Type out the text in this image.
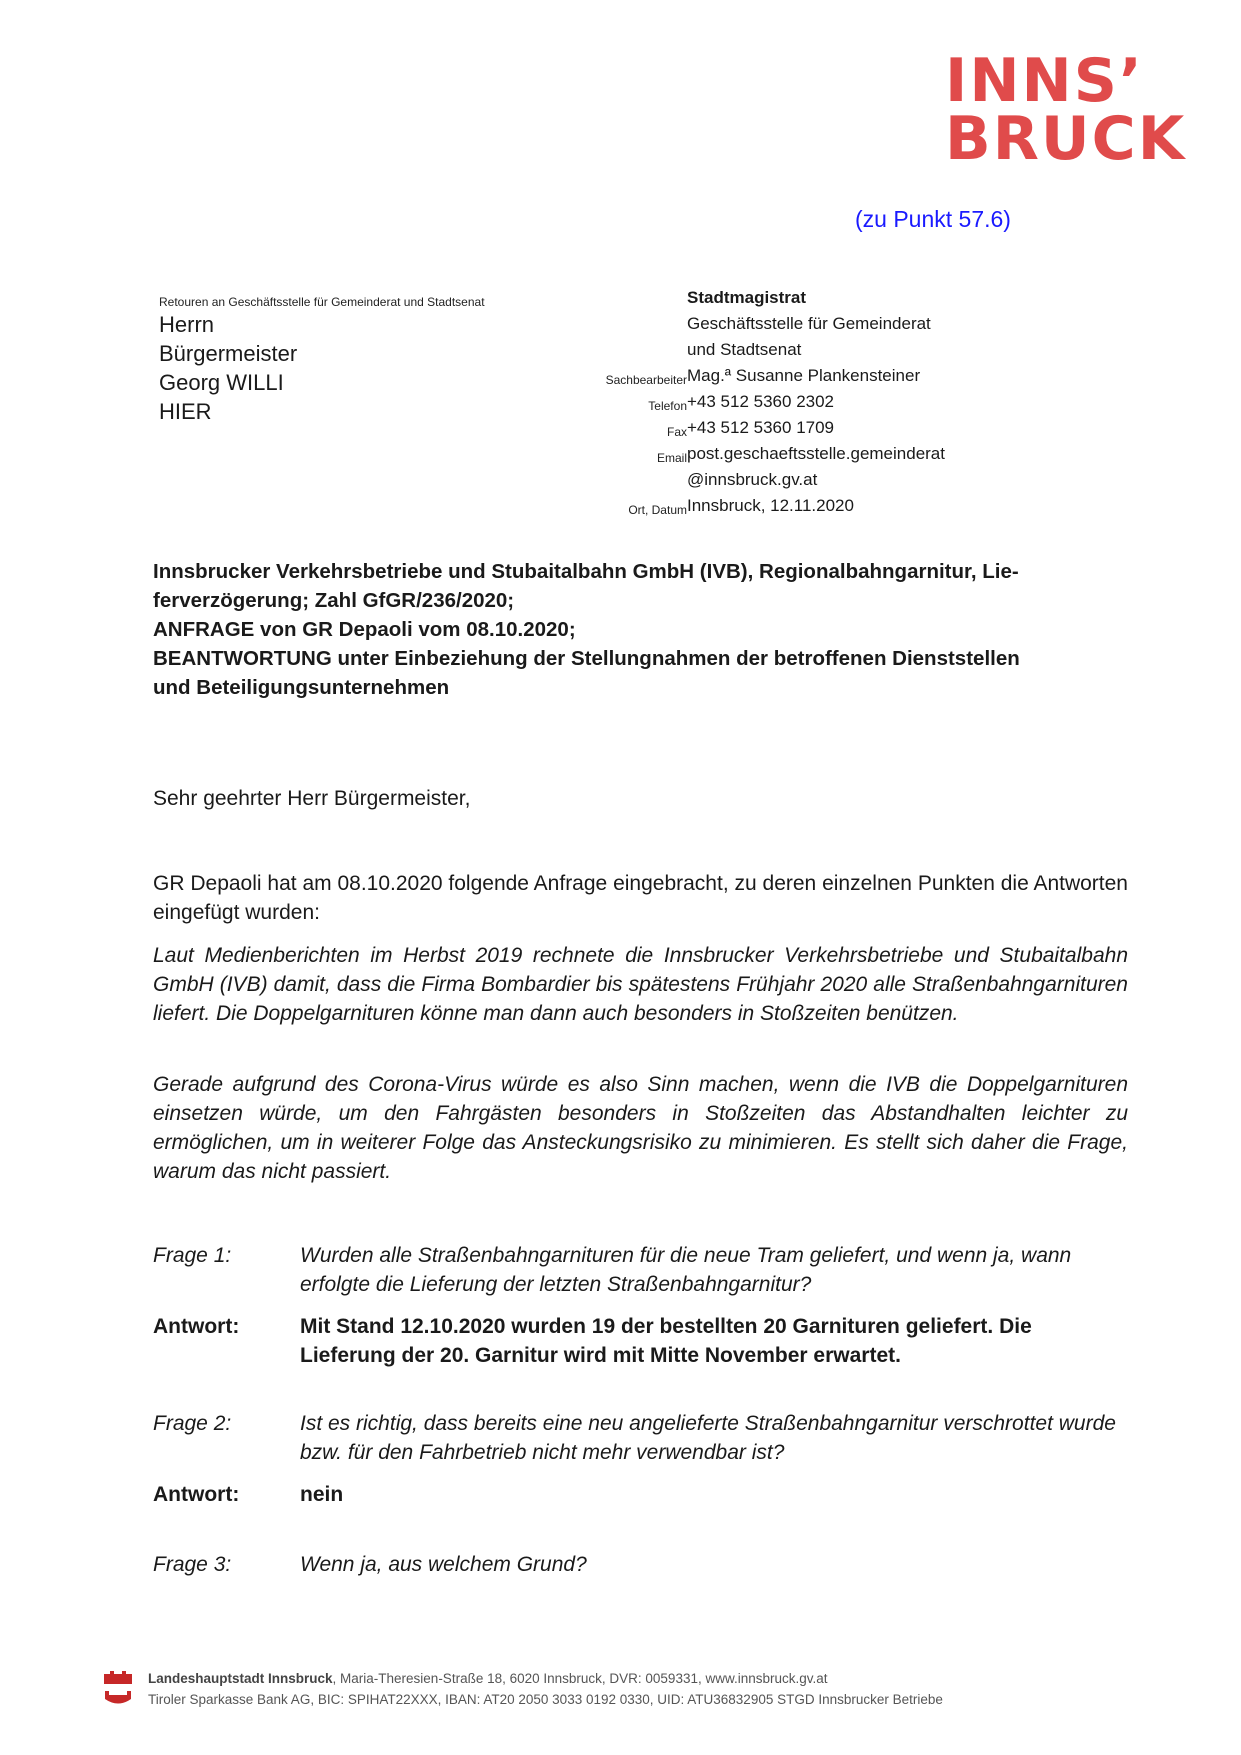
INNS’
BRUCK
(zu Punkt 57.6)
Retouren an Geschäftsstelle für Gemeinderat und Stadtsenat
Herrn
Bürgermeister
Georg WILLI
HIER
Stadtmagistrat
Geschäftsstelle für Gemeinderat
und Stadtsenat
Sachbearbeiter Mag.ª Susanne Plankensteiner
Telefon +43 512 5360 2302
Fax +43 512 5360 1709
Email post.geschaeftsstelle.gemeinderat
@innsbruck.gv.at
Ort, Datum Innsbruck, 12.11.2020
Innsbrucker Verkehrsbetriebe und Stubaitalbahn GmbH (IVB), Regionalbahngarnitur, Lie-
ferverzögerung; Zahl GfGR/236/2020;
ANFRAGE von GR Depaoli vom 08.10.2020;
BEANTWORTUNG unter Einbeziehung der Stellungnahmen der betroffenen Dienststellen
und Beteiligungsunternehmen
Sehr geehrter Herr Bürgermeister,
GR Depaoli hat am 08.10.2020 folgende Anfrage eingebracht, zu deren einzelnen Punkten die Antworten eingefügt wurden:
Laut Medienberichten im Herbst 2019 rechnete die Innsbrucker Verkehrsbetriebe und Stubaitalbahn GmbH (IVB) damit, dass die Firma Bombardier bis spätestens Frühjahr 2020 alle Straßenbahngarnituren liefert. Die Doppelgarnituren könne man dann auch besonders in Stoßzeiten benützen.
Gerade aufgrund des Corona-Virus würde es also Sinn machen, wenn die IVB die Doppelgarnituren einsetzen würde, um den Fahrgästen besonders in Stoßzeiten das Abstandhalten leichter zu ermöglichen, um in weiterer Folge das Ansteckungsrisiko zu minimieren. Es stellt sich daher die Frage, warum das nicht passiert.
Frage 1:	Wurden alle Straßenbahngarnituren für die neue Tram geliefert, und wenn ja, wann erfolgte die Lieferung der letzten Straßenbahngarnitur?
Antwort:	Mit Stand 12.10.2020 wurden 19 der bestellten 20 Garnituren geliefert. Die Lieferung der 20. Garnitur wird mit Mitte November erwartet.
Frage 2:	Ist es richtig, dass bereits eine neu angelieferte Straßenbahngarnitur verschrottet wurde bzw. für den Fahrbetrieb nicht mehr verwendbar ist?
Antwort:	nein
Frage 3:	Wenn ja, aus welchem Grund?
Landeshauptstadt Innsbruck, Maria-Theresien-Straße 18, 6020 Innsbruck, DVR: 0059331, www.innsbruck.gv.at
Tiroler Sparkasse Bank AG, BIC: SPIHAT22XXX, IBAN: AT20 2050 3033 0192 0330, UID: ATU36832905 STGD Innsbrucker Betriebe
